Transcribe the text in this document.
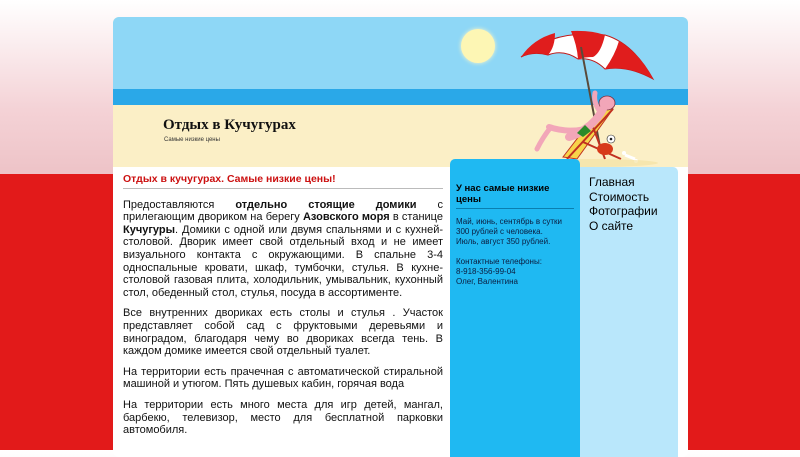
Отдых в Кучугурах
Самые низкие цены
Отдых в кучугурах. Самые низкие цены!

Предоставляются отдельно стоящие домики с прилегающим двориком на берегу Азовского моря в станице Кучугуры. Домики с одной или двумя спальнями и с кухней-столовой. Дворик имеет свой отдельный вход и не имеет визуального контакта с окружающими. В спальне 3-4 односпальные кровати, шкаф, тумбочки, стулья. В кухне-столовой газовая плита, холодильник, умывальник, кухонный стол, обеденный стол, стулья, посуда в ассортименте.

Все внутренних двориках есть столы и стулья . Участок представляет собой сад с фруктовыми деревьями и виноградом, благодаря чему во двориках всегда тень. В каждом домике имеется свой отдельный туалет.

На территории есть прачечная с автоматической стиральной машиной и утюгом. Пять душевых кабин, горячая вода

На территории есть много места для игр детей, мангал, барбекю, телевизор, место для бесплатной парковки автомобиля.

У нас самые низкие цены
Май, июнь, сентябрь в сутки
300 рублей с человека.
Июль, август 350 рублей.
Контактные телефоны:
8-918-356-99-04
Олег, Валентина
Главная
Стоимость
Фотографии
О сайте
